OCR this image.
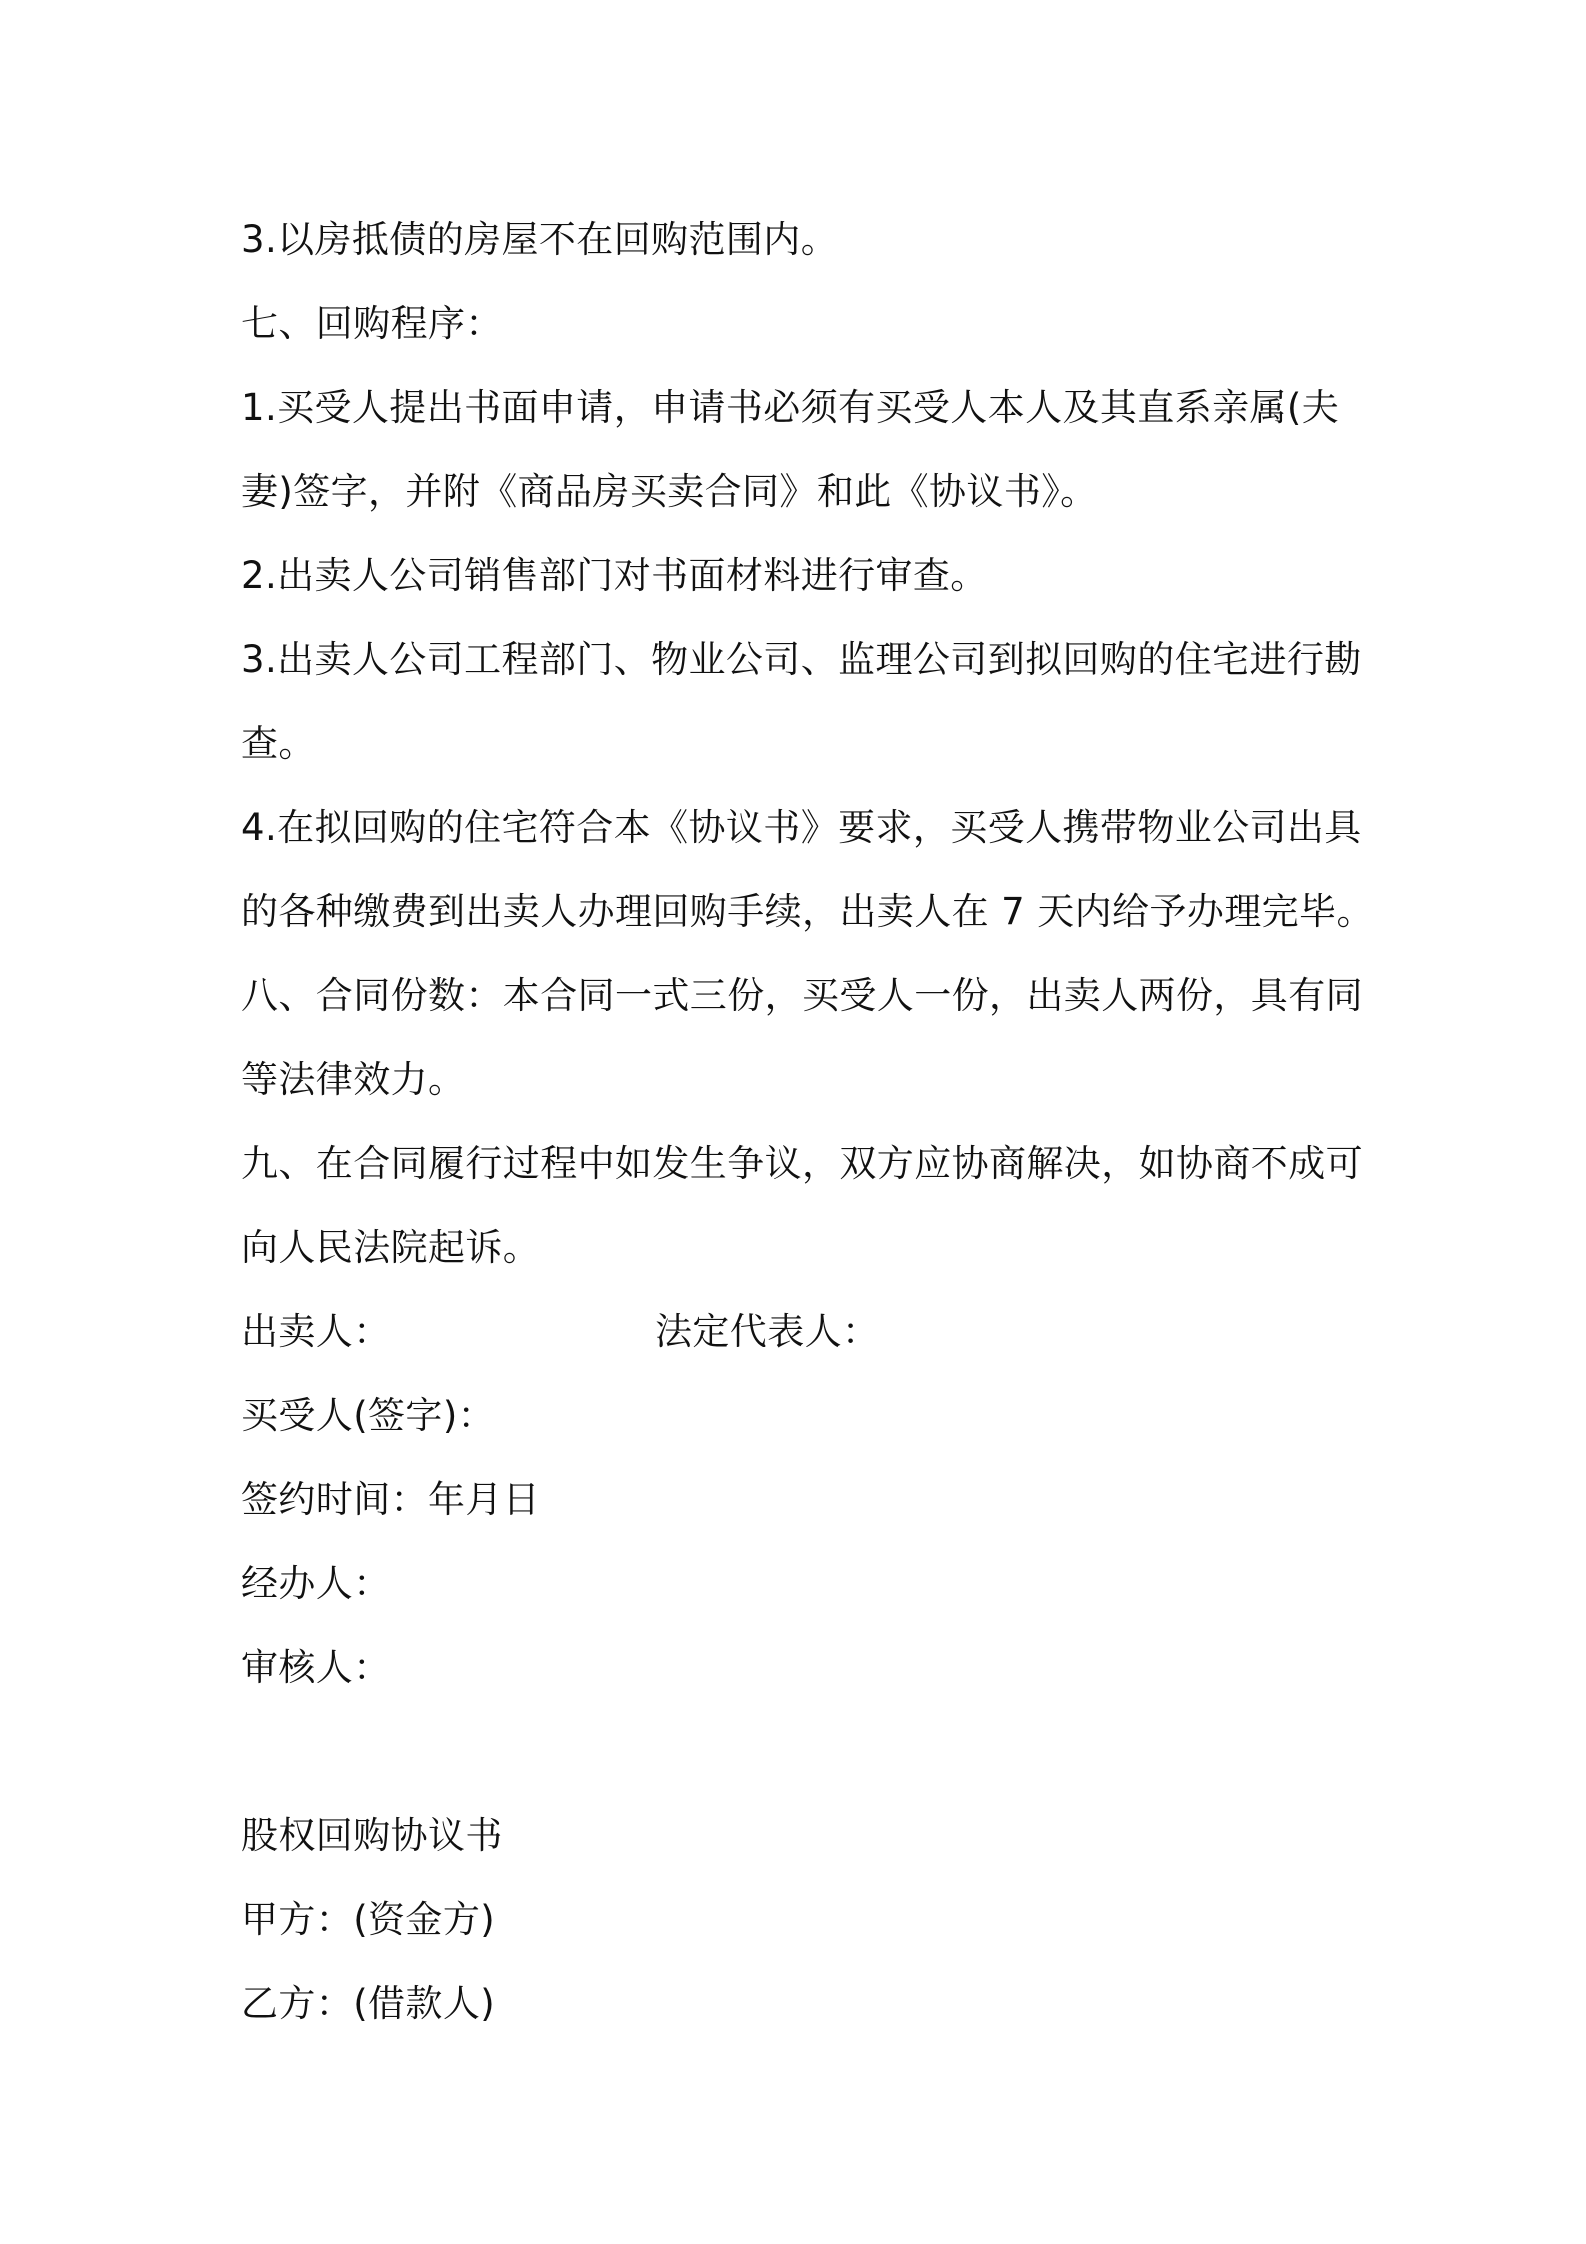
3.以房抵债的房屋不在回购范围内。
七、回购程序：
1.买受人提出书面申请，申请书必须有买受人本人及其直系亲属(夫
妻)签字，并附《商品房买卖合同》和此《协议书》。
2.出卖人公司销售部门对书面材料进行审查。
3.出卖人公司工程部门、物业公司、监理公司到拟回购的住宅进行勘
查。
4.在拟回购的住宅符合本《协议书》要求，买受人携带物业公司出具
的各种缴费到出卖人办理回购手续，出卖人在 7 天内给予办理完毕。
八、合同份数：本合同一式三份，买受人一份，出卖人两份，具有同
等法律效力。
九、在合同履行过程中如发生争议，双方应协商解决，如协商不成可
向人民法院起诉。
出卖人：	法定代表人：
买受人(签字)：
签约时间：年月日
经办人：
审核人：
股权回购协议书
甲方：(资金方)
乙方：(借款人)
